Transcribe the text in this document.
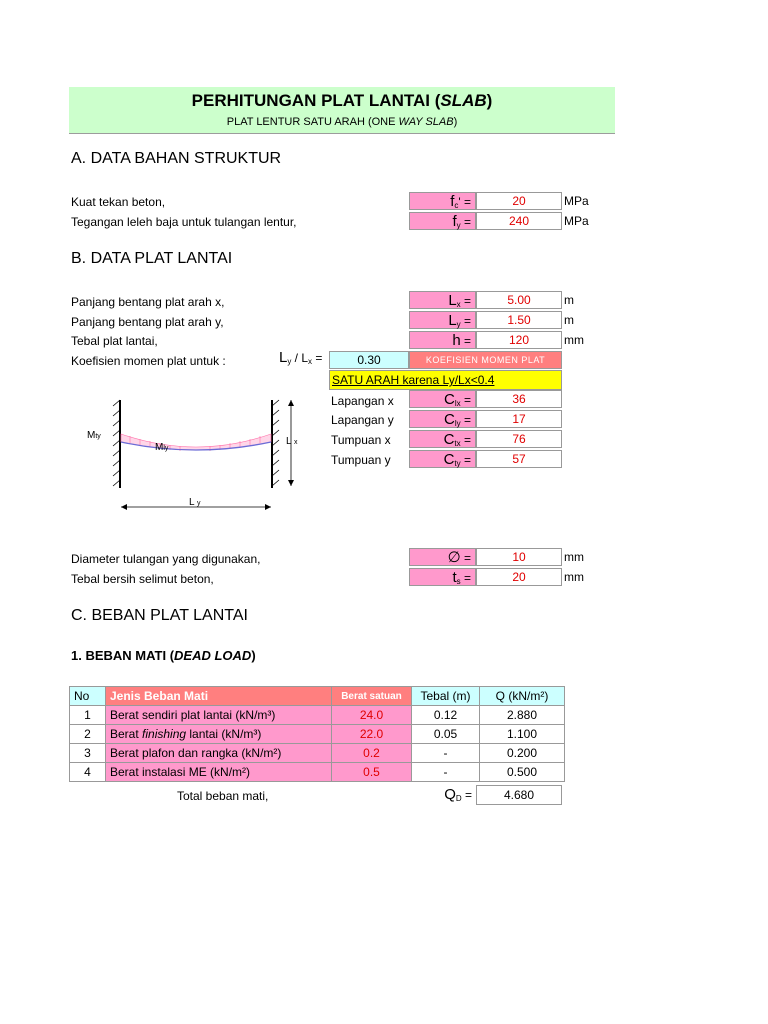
PERHITUNGAN PLAT LANTAI (SLAB)
PLAT LENTUR SATU ARAH (ONE WAY SLAB)
A. DATA BAHAN STRUKTUR
Kuat tekan beton,	fc' =	20	MPa
Tegangan leleh baja untuk tulangan lentur,	fy =	240	MPa
B. DATA PLAT LANTAI
Panjang bentang plat arah x,	Lx =	5.00	m
Panjang bentang plat arah y,	Ly =	1.50	m
Tebal plat lantai,	h =	120	mm
Koefisien momen plat untuk :	Ly / Lx =	0.30	KOEFISIEN MOMEN PLAT
SATU ARAH karena Ly/Lx<0.4
Lapangan x	Clx =	36
Lapangan y	Cly =	17
Tumpuan x	Ctx =	76
Tumpuan y	Cty =	57
Mty
Mly
L x
L y
Diameter tulangan yang digunakan,	∅ =	10	mm
Tebal bersih selimut beton,	ts =	20	mm
C. BEBAN PLAT LANTAI
1. BEBAN MATI (DEAD LOAD)
No	Jenis Beban Mati	Berat satuan	Tebal (m)	Q (kN/m²)
1	Berat sendiri plat lantai (kN/m³)	24.0	0.12	2.880
2	Berat finishing lantai (kN/m³)	22.0	0.05	1.100
3	Berat plafon dan rangka (kN/m²)	0.2	-	0.200
4	Berat instalasi ME (kN/m²)	0.5	-	0.500
Total beban mati,	QD =	4.680
